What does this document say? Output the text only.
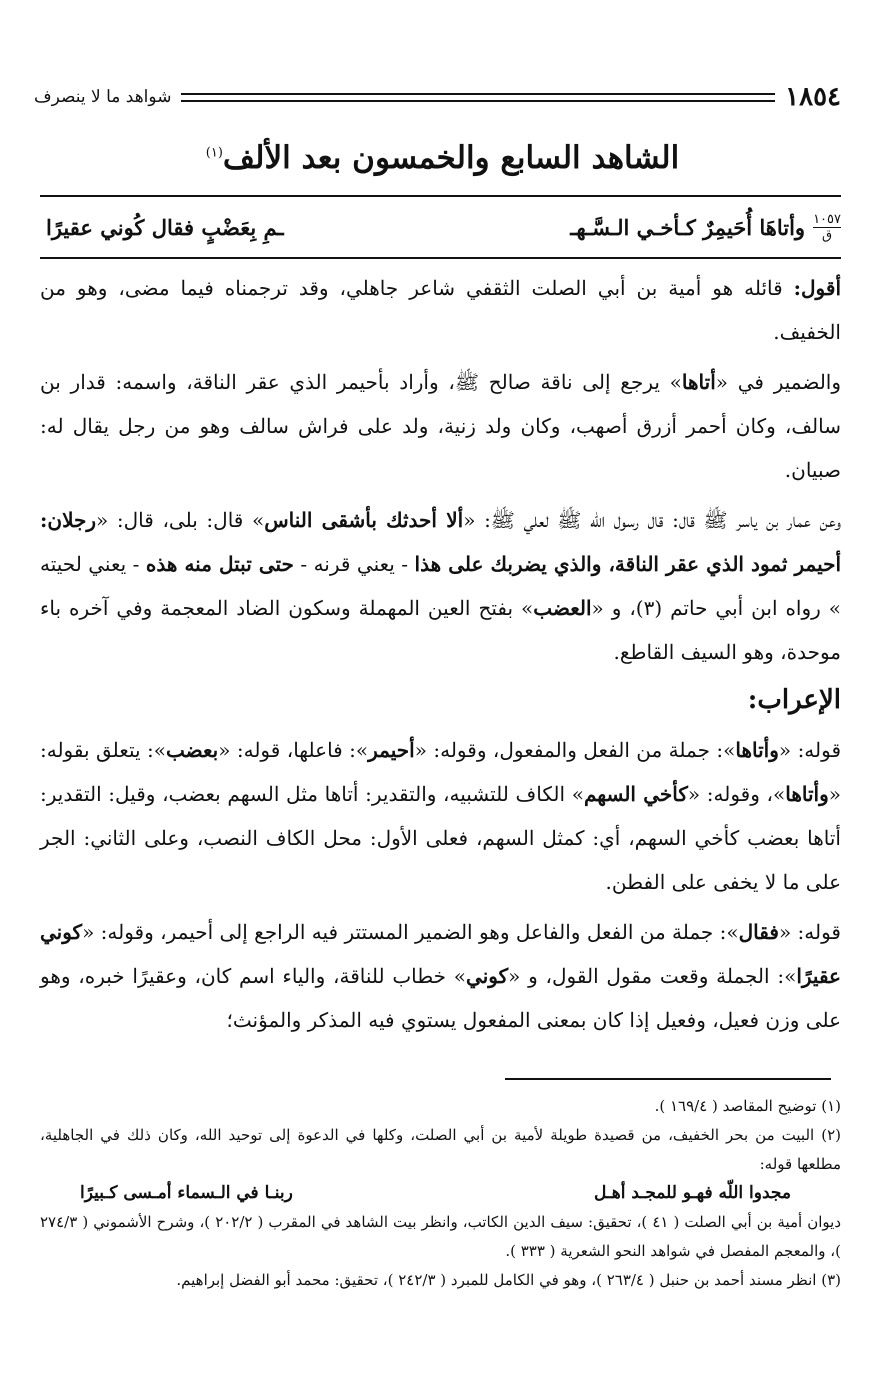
١٨٥٤
شواهد ما لا ينصرف
الشاهد السابع والخمسون بعد الألف$^{(١)}$
١٠٥٧
ق
وأتاهَا أُحَيمِرٌ كـأخـي الـسَّـهـ
ـمِ بِعَضْبٍ فقال كُوني عقيرًا

أقول: قائله هو أمية بن أبي الصلت الثقفي شاعر جاهلي، وقد ترجمناه فيما مضى، وهو من الخفيف.

والضمير في «أتاها» يرجع إلى ناقة صالح ﷺ، وأراد بأحيمر الذي عقر الناقة، واسمه: قدار بن سالف، وكان أحمر أزرق أصهب، وكان ولد زنية، ولد على فراش سالف وهو من رجل يقال له: صبيان.

وعن عمار بن ياسر ﷺ قال: قال رسول الله ﷺ لعلي ﷺ: «ألا أحدثك بأشقى الناس» قال: بلى، قال: «رجلان: أحيمر ثمود الذي عقر الناقة، والذي يضربك على هذا - يعني قرنه - حتى تبتل منه هذه - يعني لحيته » رواه ابن أبي حاتم (٣)، و «العضب» بفتح العين المهملة وسكون الضاد المعجمة وفي آخره باء موحدة، وهو السيف القاطع.

الإعراب:

قوله: «وأتاها»: جملة من الفعل والمفعول، وقوله: «أحيمر»: فاعلها، قوله: «بعضب»: يتعلق بقوله: «وأتاها»، وقوله: «كأخي السهم» الكاف للتشبيه، والتقدير: أتاها مثل السهم بعضب، وقيل: التقدير: أتاها بعضب كأخي السهم، أي: كمثل السهم، فعلى الأول: محل الكاف النصب، وعلى الثاني: الجر على ما لا يخفى على الفطن.

قوله: «فقال»: جملة من الفعل والفاعل وهو الضمير المستتر فيه الراجع إلى أحيمر، وقوله: «كوني عقيرًا»: الجملة وقعت مقول القول، و «كوني» خطاب للناقة، والياء اسم كان، وعقيرًا خبره، وهو على وزن فعيل، وفعيل إذا كان بمعنى المفعول يستوي فيه المذكر والمؤنث؛

(١) توضيح المقاصد ( ١٦٩/٤ ).

(٢) البيت من بحر الخفيف، من قصيدة طويلة لأمية بن أبي الصلت، وكلها في الدعوة إلى توحيد الله، وكان ذلك في الجاهلية، مطلعها قوله:

مجدوا اللّه فهـو للمجـد أهـل
ربنـا في الـسماء أمـسى كـبيرًا

ديوان أمية بن أبي الصلت ( ٤١ )، تحقيق: سيف الدين الكاتب، وانظر بيت الشاهد في المقرب ( ٢٠٢/٢ )، وشرح الأشموني ( ٢٧٤/٣ )، والمعجم المفصل في شواهد النحو الشعرية ( ٣٣٣ ).

(٣) انظر مسند أحمد بن حنبل ( ٢٦٣/٤ )، وهو في الكامل للمبرد ( ٢٤٢/٣ )، تحقيق: محمد أبو الفضل إبراهيم.
